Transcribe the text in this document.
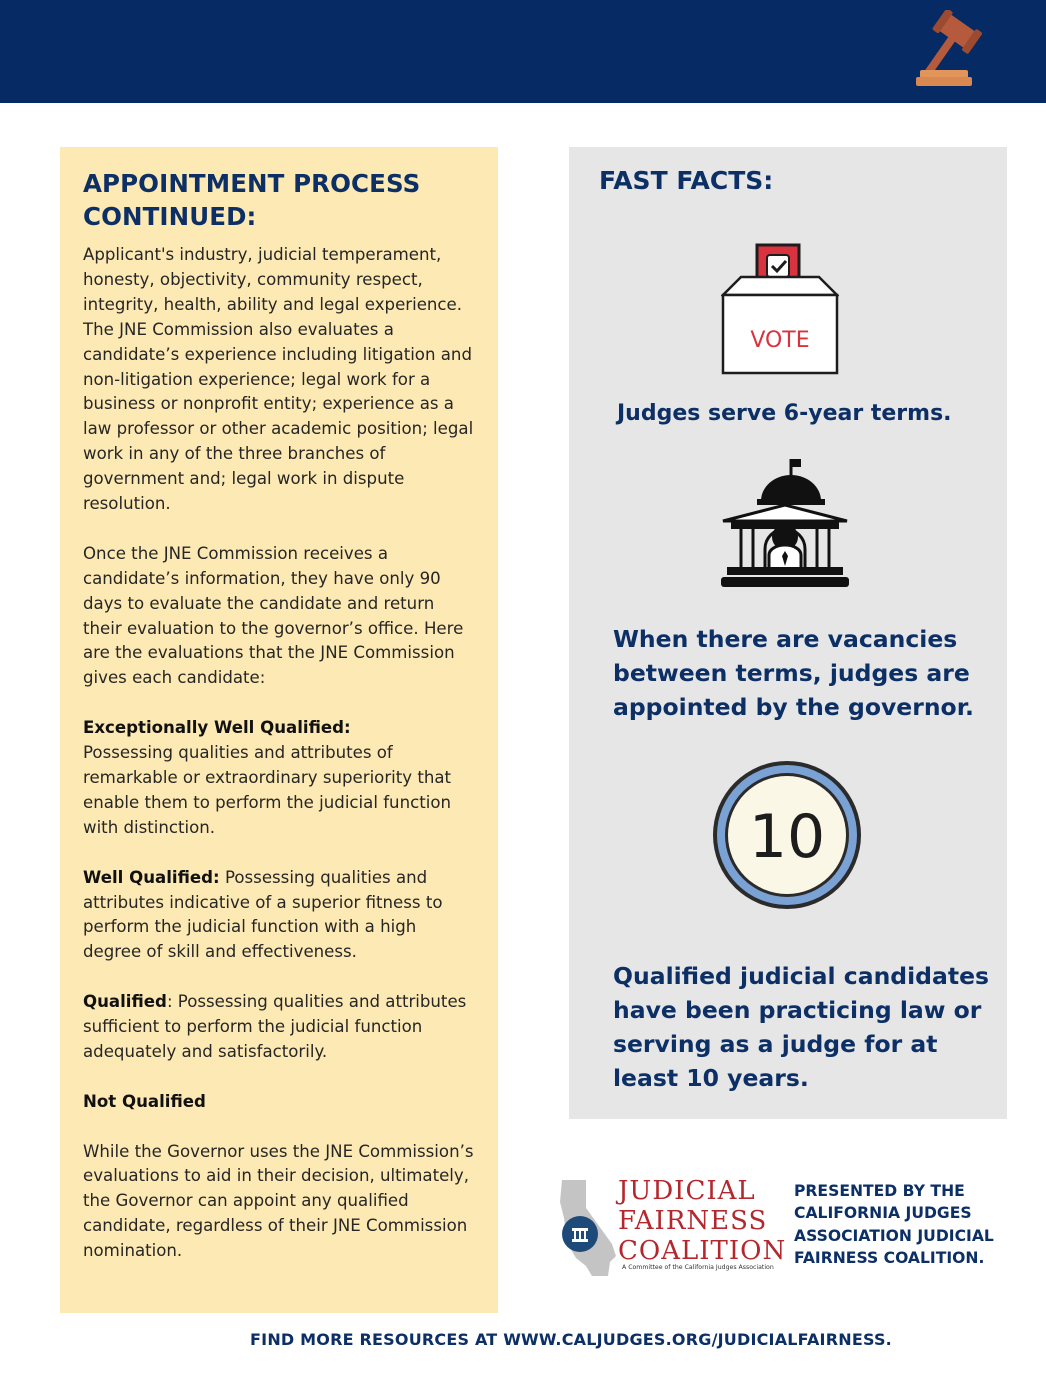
APPOINTMENT PROCESS
CONTINUED:

Applicant's industry, judicial temperament, honesty, objectivity, community respect, integrity, health, ability and legal experience. The JNE Commission also evaluates a candidate’s experience including litigation and non-litigation experience; legal work for a business or nonprofit entity; experience as a law professor or other academic position; legal work in any of the three branches of government and; legal work in dispute resolution.

Once the JNE Commission receives a candidate’s information, they have only 90 days to evaluate the candidate and return their evaluation to the governor’s office. Here are the evaluations that the JNE Commission gives each candidate:

Exceptionally Well Qualified:
Possessing qualities and attributes of remarkable or extraordinary superiority that enable them to perform the judicial function with distinction.

Well Qualified: Possessing qualities and attributes indicative of a superior fitness to perform the judicial function with a high degree of skill and effectiveness.

Qualified: Possessing qualities and attributes sufficient to perform the judicial function adequately and satisfactorily.

Not Qualified

While the Governor uses the JNE Commission’s evaluations to aid in their decision, ultimately, the Governor can appoint any qualified candidate, regardless of their JNE Commission nomination.

FAST FACTS:
VOTE
Judges serve 6-year terms.
When there are vacancies between terms, judges are appointed by the governor.
10
Qualified judicial candidates have been practicing law or serving as a judge for at least 10 years.
JUDICIAL
FAIRNESS
COALITION
A Committee of the California Judges Association
PRESENTED BY THE CALIFORNIA JUDGES ASSOCIATION JUDICIAL FAIRNESS COALITION.
FIND MORE RESOURCES AT WWW.CALJUDGES.ORG/JUDICIALFAIRNESS.
